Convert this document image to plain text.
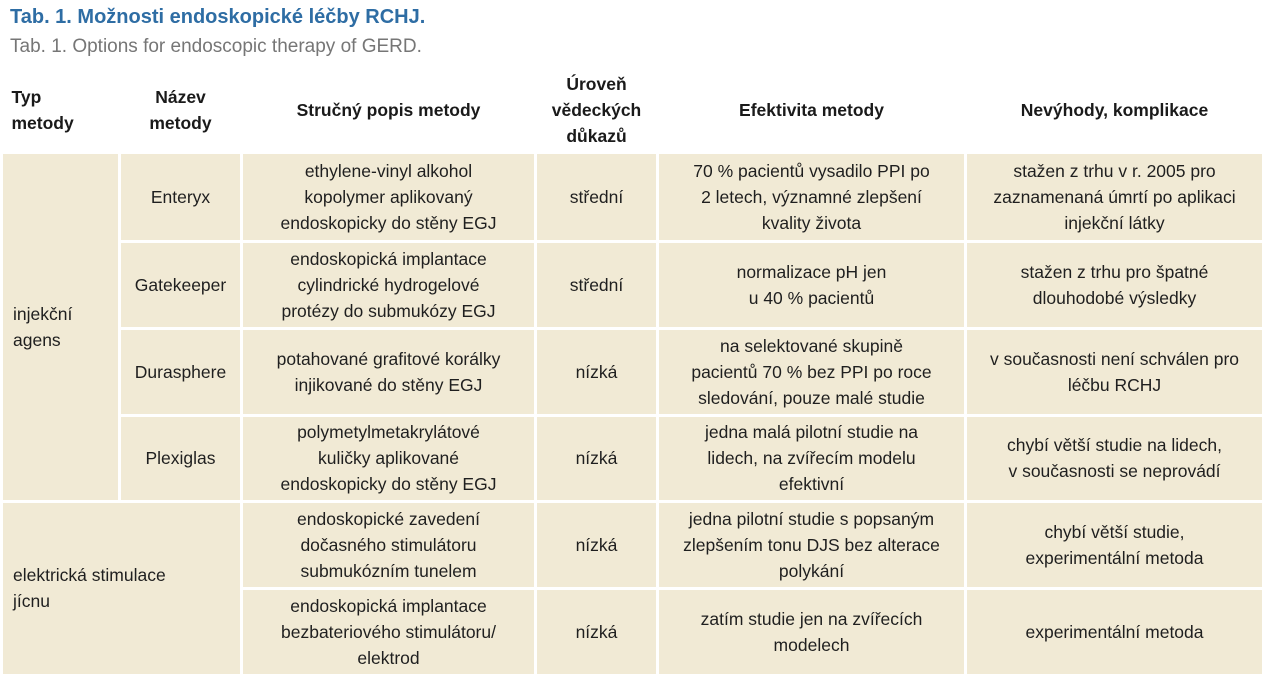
Tab. 1. Možnosti endoskopické léčby RCHJ.
Tab. 1. Options for endoscopic therapy of GERD.
Typ
metody	Název
metody	Stručný popis metody	Úroveň
vědeckých
důkazů	Efektivita metody	Nevýhody, komplikace
injekční
agens	Enteryx	ethylene-vinyl alkohol
kopolymer aplikovaný
endoskopicky do stěny EGJ	střední	70 % pacientů vysadilo PPI po
2 letech, významné zlepšení
kvality života	stažen z trhu v r. 2005 pro
zaznamenaná úmrtí po aplikaci
injekční látky
	Gatekeeper	endoskopická implantace
cylindrické hydrogelové
protézy do submukózy EGJ	střední	normalizace pH jen
u 40 % pacientů	stažen z trhu pro špatné
dlouhodobé výsledky
	Durasphere	potahované grafitové korálky
injikované do stěny EGJ	nízká	na selektované skupině
pacientů 70 % bez PPI po roce
sledování, pouze malé studie	v současnosti není schválen pro
léčbu RCHJ
	Plexiglas	polymetylmetakrylátové
kuličky aplikované
endoskopicky do stěny EGJ	nízká	jedna malá pilotní studie na
lidech, na zvířecím modelu
efektivní	chybí větší studie na lidech,
v současnosti se neprovádí
elektrická stimulace
jícnu		endoskopické zavedení
dočasného stimulátoru
submukózním tunelem	nízká	jedna pilotní studie s popsaným
zlepšením tonu DJS bez alterace
polykání	chybí větší studie,
experimentální metoda
		endoskopická implantace
bezbateriového stimulátoru/
elektrod	nízká	zatím studie jen na zvířecích
modelech	experimentální metoda
